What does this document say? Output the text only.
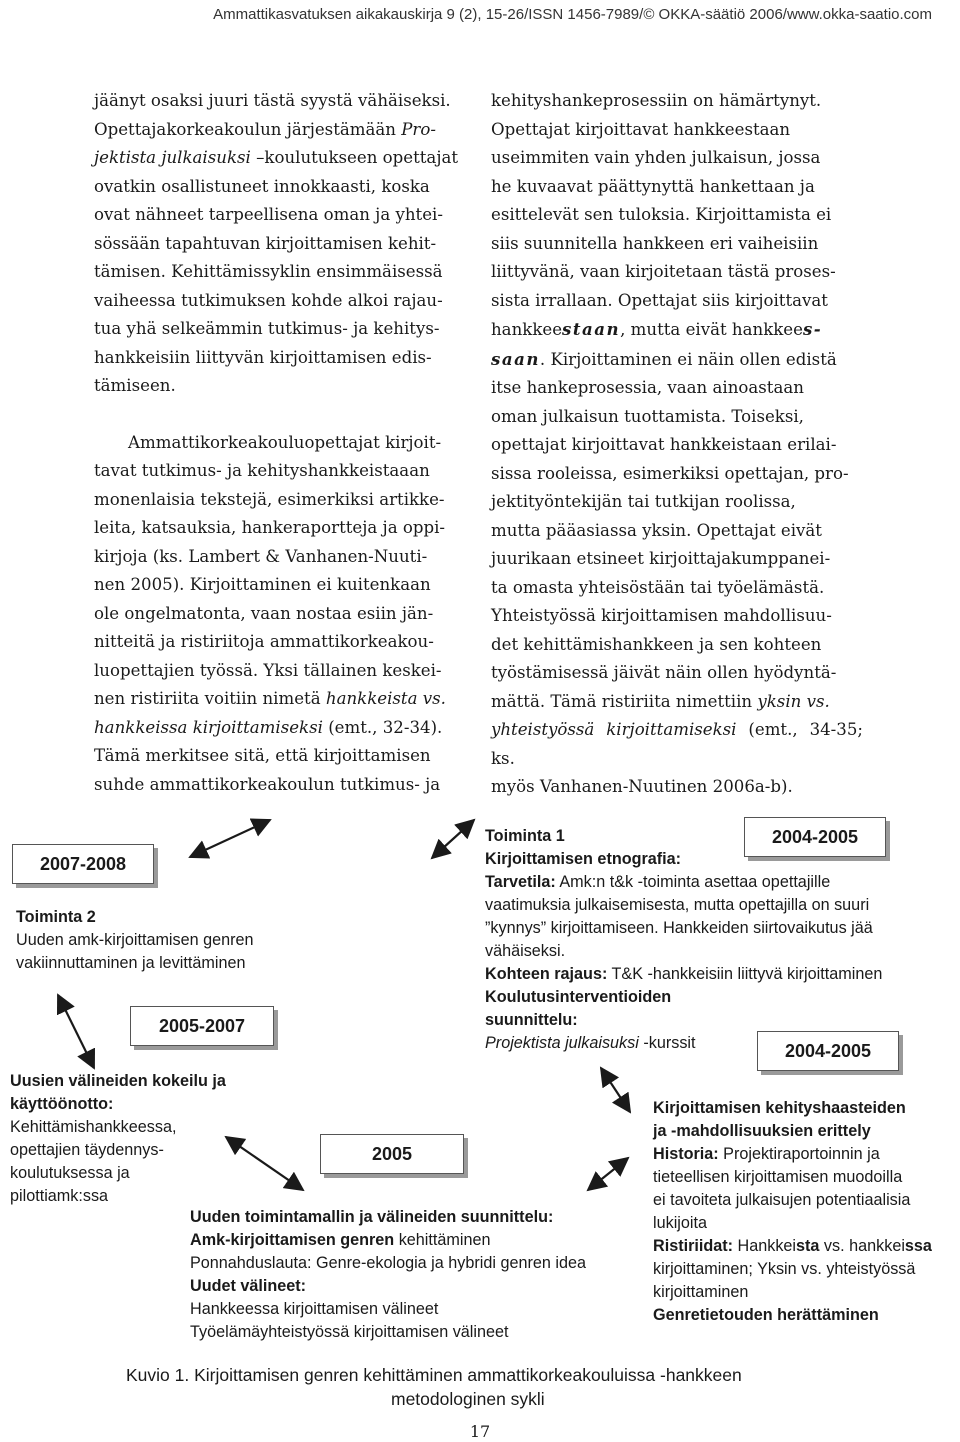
Ammattikasvatuksen aikakauskirja 9 (2), 15-26/ISSN 1456-7989/© OKKA-säätiö 2006/www.okka-saatio.com

jäänyt osaksi juuri tästä syystä vähäiseksi.
Opettajakorkeakoulun järjestämään Pro-
jektista julkaisuksi –koulutukseen opettajat
ovatkin osallistuneet innokkaasti, koska
ovat nähneet tarpeellisena oman ja yhtei-
sössään tapahtuvan kirjoittamisen kehit-
tämisen. Kehittämissyklin ensimmäisessä
vaiheessa tutkimuksen kohde alkoi rajau-
tua yhä selkeämmin tutkimus- ja kehitys-
hankkeisiin liittyvän kirjoittamisen edis-
tämiseen.

Ammattikorkeakouluopettajat kirjoit-
tavat tutkimus- ja kehityshankkeistaaan
monenlaisia tekstejä, esimerkiksi artikke-
leita, katsauksia, hankeraportteja ja oppi-
kirjoja (ks. Lambert & Vanhanen-Nuuti-
nen 2005). Kirjoittaminen ei kuitenkaan
ole ongelmatonta, vaan nostaa esiin jän-
nitteitä ja ristiriitoja ammattikorkeakou-
luopettajien työssä. Yksi tällainen keskei-
nen ristiriita voitiin nimetä hankkeista vs.
hankkeissa kirjoittamiseksi (emt., 32-34).
Tämä merkitsee sitä, että kirjoittamisen
suhde ammattikorkeakoulun tutkimus- ja

kehityshankeprosessiin on hämärtynyt.
Opettajat kirjoittavat hankkeestaan
useimmiten vain yhden julkaisun, jossa
he kuvaavat päättynyttä hankettaan ja
esittelevät sen tuloksia. Kirjoittamista ei
siis suunnitella hankkeen eri vaiheisiin
liittyvänä, vaan kirjoitetaan tästä proses-
sista irrallaan. Opettajat siis kirjoittavat
hankkeestaan, mutta eivät hankkees-
saan. Kirjoittaminen ei näin ollen edistä
itse hankeprosessia, vaan ainoastaan
oman julkaisun tuottamista. Toiseksi,
opettajat kirjoittavat hankkeistaan erilai-
sissa rooleissa, esimerkiksi opettajan, pro-
jektityöntekijän tai tutkijan roolissa,
mutta pääasiassa yksin. Opettajat eivät
juurikaan etsineet kirjoittajakumppanei-
ta omasta yhteisöstään tai työelämästä.
Yhteistyössä kirjoittamisen mahdollisuu-
det kehittämishankkeen ja sen kohteen
työstämisessä jäivät näin ollen hyödyntä-
mättä. Tämä ristiriita nimettiin yksin vs.
yhteistyössä kirjoittamiseksi (emt., 34-35; ks.
myös Vanhanen-Nuutinen 2006a-b).

2007-2008
2005-2007
2005
2004-2005
2004-2005

Toiminta 2

Uuden amk-kirjoittamisen genren

vakiinnuttaminen ja levittäminen

Uusien välineiden kokeilu ja

käyttöönotto:

Kehittämishankkeessa,

opettajien täydennys-

koulutuksessa ja

pilottiamk:ssa

Toiminta 1

Kirjoittamisen etnografia:

Tarvetila: Amk:n t&k -toiminta asettaa opettajille

vaatimuksia julkaisemisesta, mutta opettajilla on suuri

”kynnys” kirjoittamiseen. Hankkeiden siirtovaikutus jää

vähäiseksi.

Kohteen rajaus: T&K -hankkeisiin liittyvä kirjoittaminen

Koulutusinterventioiden

suunnittelu:

Projektista julkaisuksi -kurssit

Kirjoittamisen kehityshaasteiden

ja -mahdollisuuksien erittely

Historia: Projektiraportoinnin ja

tieteellisen kirjoittamisen muodoilla

ei tavoiteta julkaisujen potentiaalisia

lukijoita

Ristiriidat: Hankkeista vs. hankkeissa

kirjoittaminen; Yksin vs. yhteistyössä

kirjoittaminen

Genretietouden herättäminen

Uuden toimintamallin ja välineiden suunnittelu:

Amk-kirjoittamisen genren kehittäminen

Ponnahduslauta: Genre-ekologia ja hybridi genren idea

Uudet välineet:

Hankkeessa kirjoittamisen välineet

Työelämäyhteistyössä kirjoittamisen välineet

Kuvio 1. Kirjoittamisen genren kehittäminen ammattikorkeakouluissa -hankkeen
metodologinen sykli
17
